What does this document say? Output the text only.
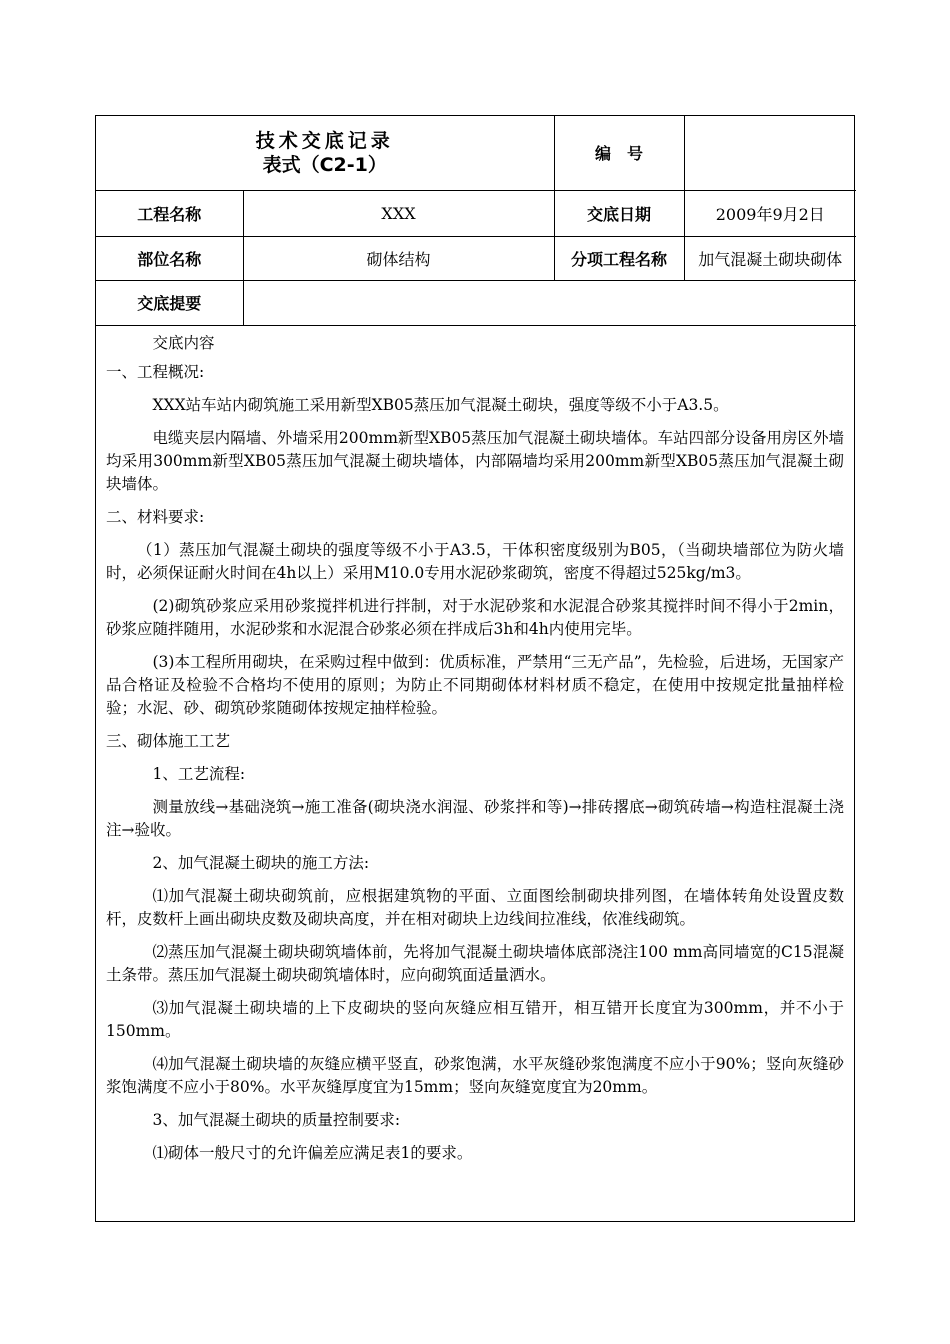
技术交底记录
表式（C2-1）		编　号	
工程名称	XXX	交底日期	2009年9月2日
部位名称	砌体结构	分项工程名称	加气混凝土砌块砌体
交底提要			

交底内容

一、工程概况:

XXX站车站内砌筑施工采用新型XB05蒸压加气混凝土砌块，强度等级不小于A3.5。

电缆夹层内隔墙、外墙采用200mm新型XB05蒸压加气混凝土砌块墙体。车站四部分设备用房区外墙均采用300mm新型XB05蒸压加气混凝土砌块墙体，内部隔墙均采用200mm新型XB05蒸压加气混凝土砌块墙体。

二、材料要求:

（1）蒸压加气混凝土砌块的强度等级不小于A3.5，干体积密度级别为B05，（当砌块墙部位为防火墙时，必须保证耐火时间在4h以上）采用M10.0专用水泥砂浆砌筑，密度不得超过525kg/m3。

(2)砌筑砂浆应采用砂浆搅拌机进行拌制，对于水泥砂浆和水泥混合砂浆其搅拌时间不得小于2min，砂浆应随拌随用，水泥砂浆和水泥混合砂浆必须在拌成后3h和4h内使用完毕。

(3)本工程所用砌块，在采购过程中做到：优质标准，严禁用“三无产品”，先检验，后进场，无国家产品合格证及检验不合格均不使用的原则；为防止不同期砌体材料材质不稳定，在使用中按规定批量抽样检验；水泥、砂、砌筑砂浆随砌体按规定抽样检验。

三、砌体施工工艺

1、工艺流程:

测量放线→基础浇筑→施工准备(砌块浇水润湿、砂浆拌和等)→排砖撂底→砌筑砖墙→构造柱混凝土浇注→验收。

2、加气混凝土砌块的施工方法:

⑴加气混凝土砌块砌筑前，应根据建筑物的平面、立面图绘制砌块排列图，在墙体转角处设置皮数杆，皮数杆上画出砌块皮数及砌块高度，并在相对砌块上边线间拉准线，依准线砌筑。

⑵蒸压加气混凝土砌块砌筑墙体前，先将加气混凝土砌块墙体底部浇注100 mm高同墙宽的C15混凝土条带。蒸压加气混凝土砌块砌筑墙体时，应向砌筑面适量洒水。

⑶加气混凝土砌块墙的上下皮砌块的竖向灰缝应相互错开，相互错开长度宜为300mm，并不小于150mm。

⑷加气混凝土砌块墙的灰缝应横平竖直，砂浆饱满，水平灰缝砂浆饱满度不应小于90%；竖向灰缝砂浆饱满度不应小于80%。水平灰缝厚度宜为15mm；竖向灰缝宽度宜为20mm。

3、加气混凝土砌块的质量控制要求:

⑴砌体一般尺寸的允许偏差应满足表1的要求。
